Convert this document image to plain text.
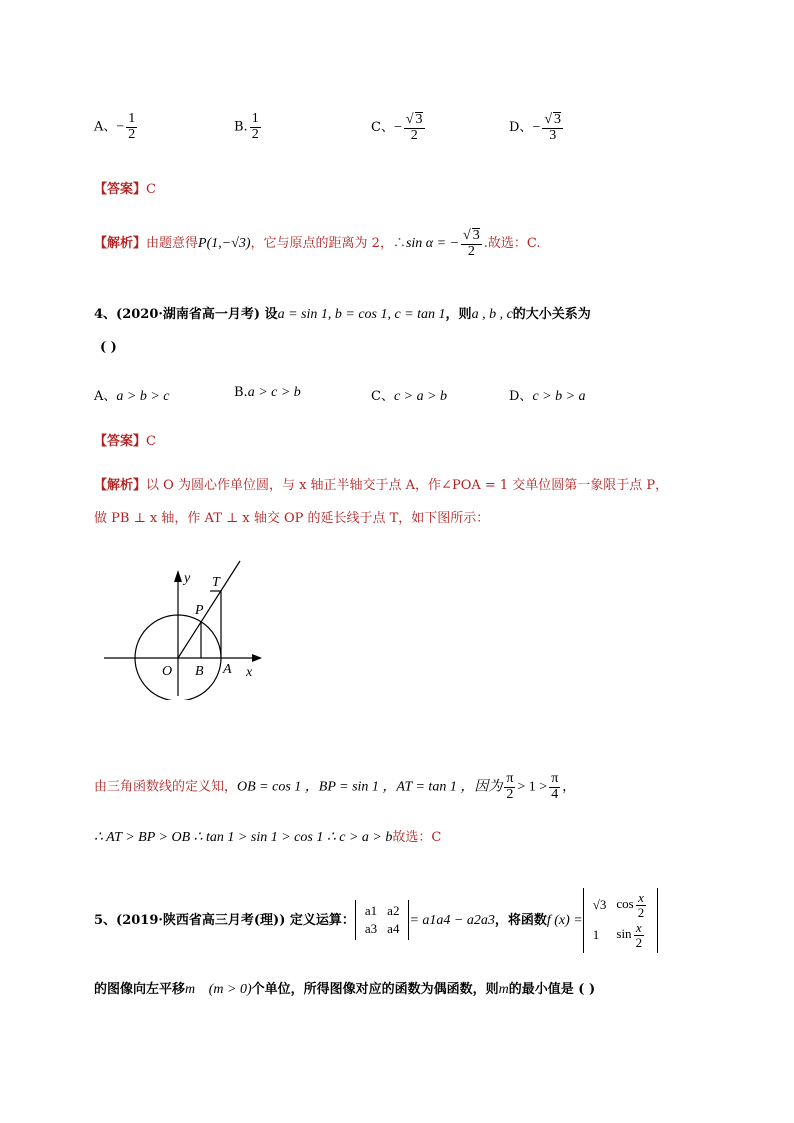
A、− $\frac{1}{2}$	B. $\frac{1}{2}$	C、− $\frac{√ 3}{2}$	D、− $\frac{√ 3}{3}$
【答案】C
【解析】由题意得P(1,−√3)，它与原点的距离为 2，∴sin α = − $\frac{√ 3}{2}$ .故选：C.
4、(2020·湖南省高一月考) 设a = sin 1, b = cos 1, c = tan 1，则a , b , c的大小关系为
( )
A、a > b > c	B.a > c > b	C、c > a > b	D、c > b > a
【答案】C
【解析】以 O 为圆心作单位圆，与 x 轴正半轴交于点 A，作∠POA = 1 交单位圆第一象限于点 P，
做 PB ⊥ x 轴，作 AT ⊥ x 轴交 OP 的延长线于点 T，如下图所示：
y T
P
O B A x
由三角函数线的定义知，OB = cos 1 ，BP = sin 1 ，AT = tan 1 ，因为 $\frac{\pi}{2} > 1 > \frac{\pi}{4}$ ，
∴ AT > BP > OB ∴ tan 1 > sin 1 > cos 1 ∴ c > a > b故选：C
5、(2019·陕西省高三月考(理)) 定义运算：
a1	a2
a3	a4
= a1a4 − a2a3，将函数f (x) =
√3	$\cos \frac{x}{2}$

1	$\sin \frac{x}{2}$
的图像向左平移m (m > 0)个单位，所得图像对应的函数为偶函数，则m的最小值是 ( )
